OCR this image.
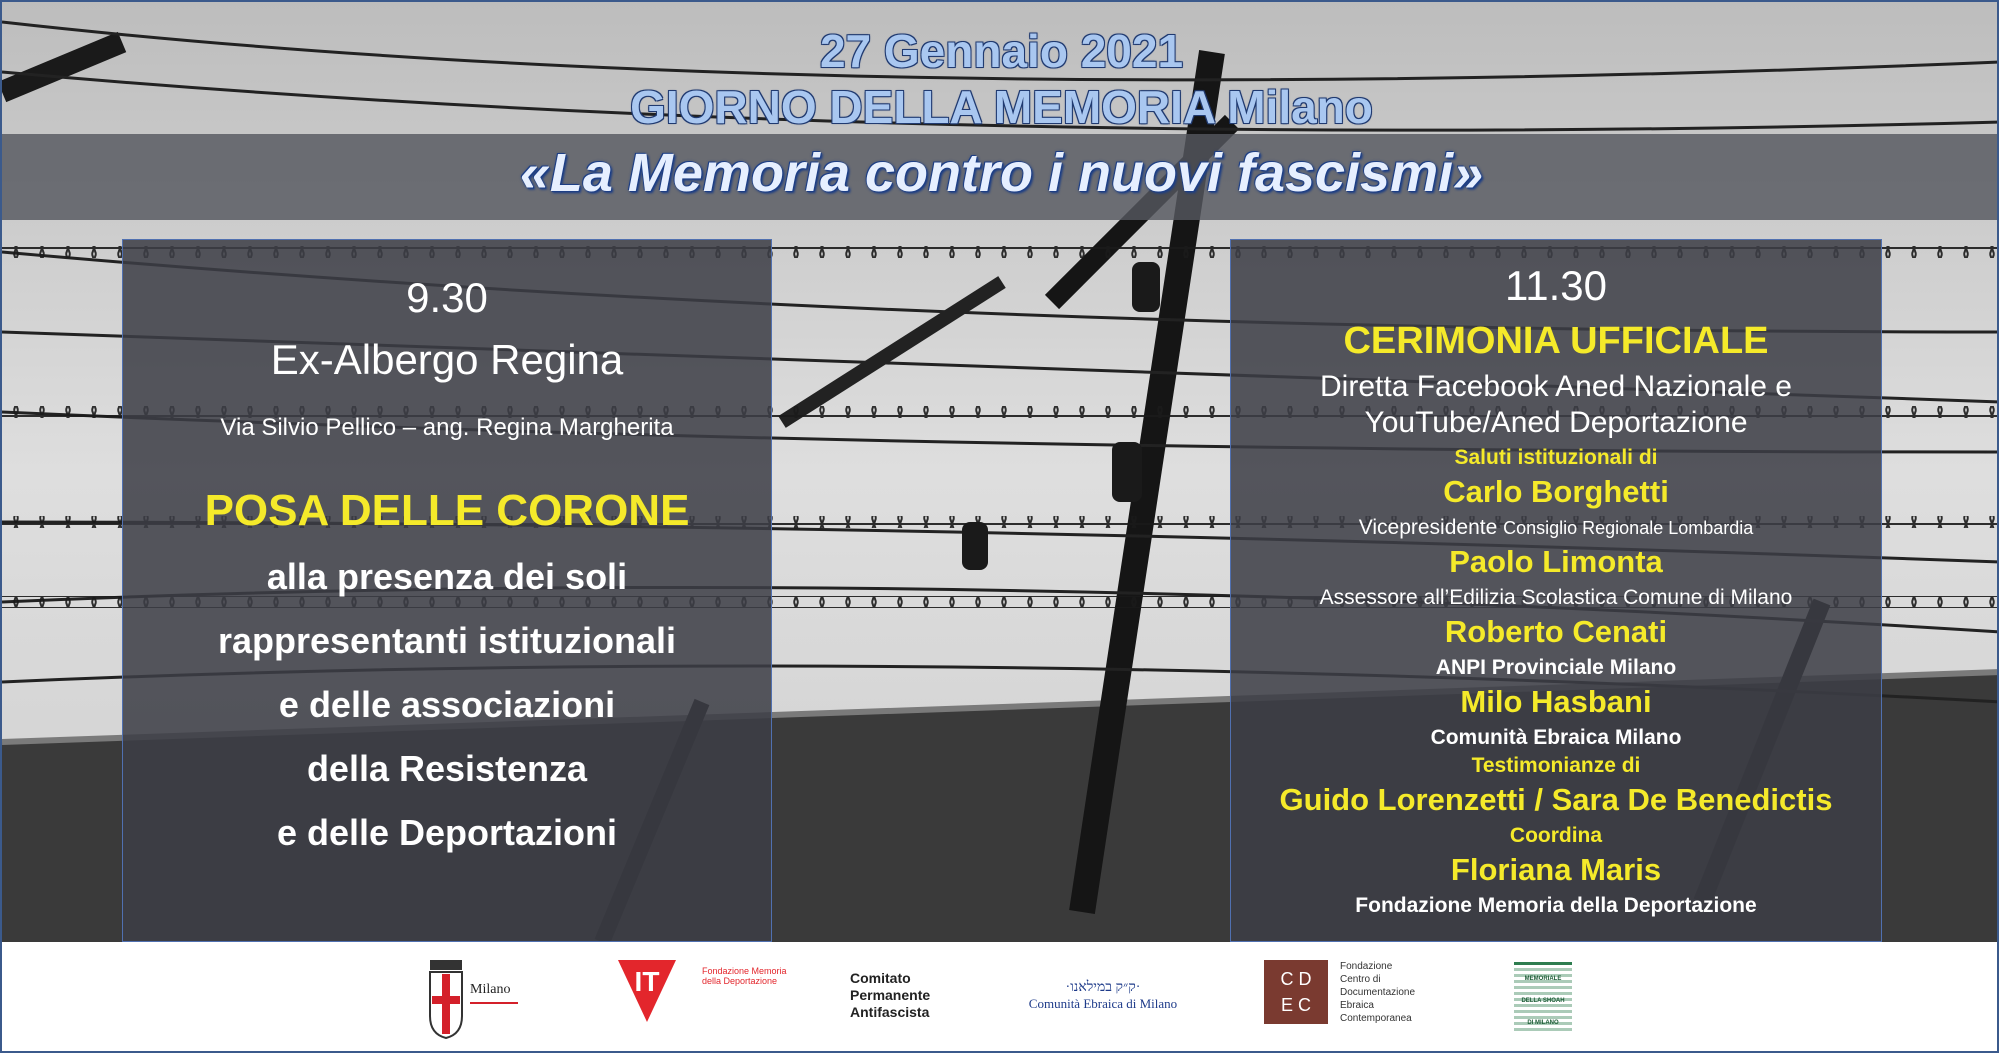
27 Gennaio 2021
GIORNO DELLA MEMORIA Milano
«La Memoria contro i nuovi fascismi»
9.30
Ex-Albergo Regina
Via Silvio Pellico – ang. Regina Margherita
POSA DELLE CORONE
alla presenza dei soli
rappresentanti istituzionali
e delle associazioni
della Resistenza
e delle Deportazioni
11.30
CERIMONIA UFFICIALE
Diretta Facebook Aned Nazionale e
YouTube/Aned Deportazione
Saluti istituzionali di
Carlo Borghetti
Vicepresidente Consiglio Regionale Lombardia
Paolo Limonta
Assessore all’Edilizia Scolastica Comune di Milano
Roberto Cenati
ANPI Provinciale Milano
Milo Hasbani
Comunità Ebraica Milano
Testimonianze di
Guido Lorenzetti / Sara De Benedictis
Coordina
Floriana Maris
Fondazione Memoria della Deportazione
Milano	IT	Fondazione Memoria
della Deportazione	Comitato
Permanente
Antifascista
·ק״ק במילאנו·
Comunità Ebraica di Milano
C D
E C
Fondazione
Centro di
Documentazione
Ebraica
Contemporanea
MEMORIALE
DELLA SHOAH
DI MILANO
